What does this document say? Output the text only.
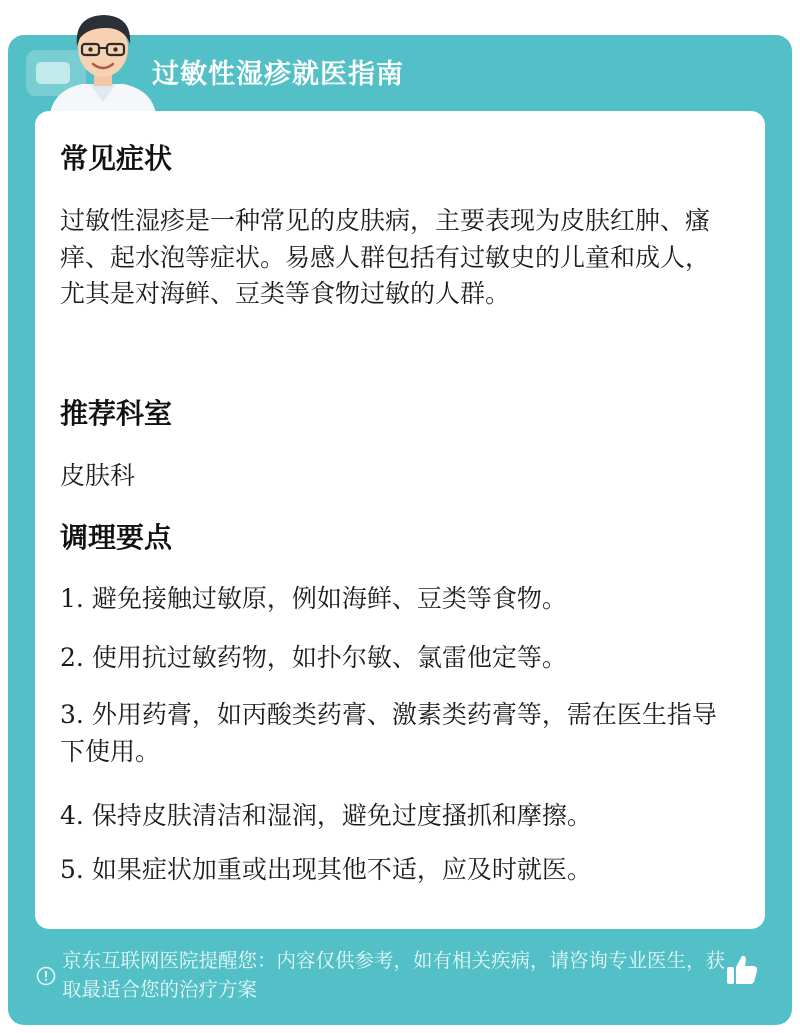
过敏性湿疹就医指南
常见症状
过敏性湿疹是一种常见的皮肤病，主要表现为皮肤红肿、瘙痒、起水泡等症状。易感人群包括有过敏史的儿童和成人，尤其是对海鲜、豆类等食物过敏的人群。
推荐科室
皮肤科
调理要点
1. 避免接触过敏原，例如海鲜、豆类等食物。
2. 使用抗过敏药物，如扑尔敏、氯雷他定等。
3. 外用药膏，如丙酸类药膏、激素类药膏等，需在医生指导下使用。
4. 保持皮肤清洁和湿润，避免过度搔抓和摩擦。
5. 如果症状加重或出现其他不适，应及时就医。
京东互联网医院提醒您：内容仅供参考，如有相关疾病，请咨询专业医生，获取最适合您的治疗方案
